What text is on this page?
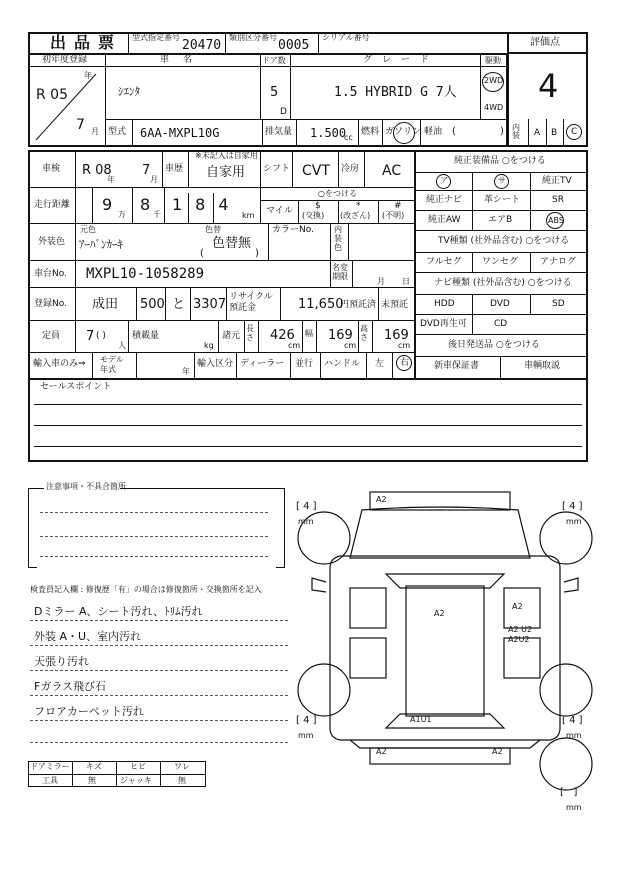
出品票 型式指定番号
20470
類別区分番号
0005
シリアル番号	評価点
4
初年度登録
R 05
年
7 月
車名
ｼｴﾝﾀ
ドア数
5
D
グレード
1.5 HYBRID G 7人
駆動
2WD
4WD
型式 6AA-MXPL10G	排気量 1.500
cc
燃料 ガソリン 軽油 (	) 内装 A B C
車検 R 08
年
7
月
車歴
※未記入は自家用
自家用 シフト CVT 冷房 AC
走行距離 9
万
8
千
184
km
○をつける
マイル $
(交換)
*
(改ざん)
#
(不明)
外装色
元色
ｱｰﾊﾞﾝｶｰｷ
色替
色替無
(	)
カラーNo.	内装色
車台No. MXPL10-1058289	名変期限
月 日
登録No. 成田 500 と 3307 リサイクル預託金	11,650
円預託済 未預託
定員 7 ( )
人
積載量
kg
諸元
長さ 426
cm
幅 169
cm
高さ 169
cm
輸入車のみ⇒ モデル年式	年
輸入区分 ディーラー 並行 ハンドル 左 右
純正装備品 ○をつける
ア	サ	純正TV
純正ナビ 革シート	SR
純正AW	エアB	ABS
TV種類 (社外品含む) ○をつける
フルセグ ワンセグ アナログ
ナビ種類 (社外品含む) ○をつける
HDD	DVD	SD
DVD再生可	CD
後日発送品 ○をつける
新車保証書	車輌取説
セールスポイント
注意事項・不具合箇所
検査員記入欄 : 修復歴「有」の場合は修復箇所・交換箇所を記入
Dミラー A、シート汚れ、ﾄﾘﾑ汚れ
外装 A・U、室内汚れ
天張り汚れ
Fガラス飛び石
フロアカーペット汚れ
ドアミラー キズ	ヒビ	ワレ
工具	無	ジャッキ	無
[ 4 ]
mm
[ 4 ]
mm
[ 4 ]
mm
[ 4 ]
mm
[   ]
mm
A2
A2
A2
A2 U2
A2U2
A1U1
A2	A2
